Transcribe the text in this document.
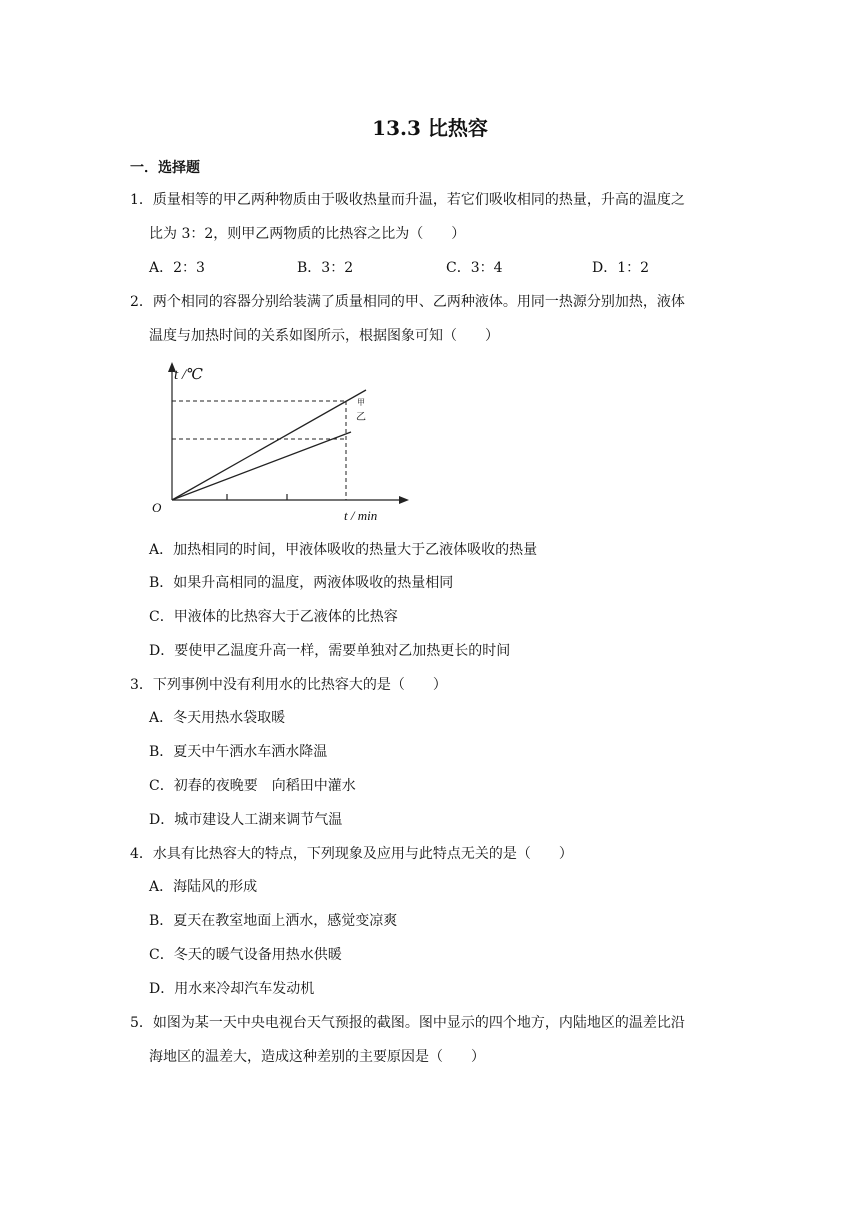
13.3 比热容
一．选择题
1．质量相等的甲乙两种物质由于吸收热量而升温，若它们吸收相同的热量，升高的温度之
比为 3：2，则甲乙两物质的比热容之比为（　　）
A．2：3	B．3：2	C．3：4	D．1：2
2．两个相同的容器分别给装满了质量相同的甲、乙两种液体。用同一热源分别加热，液体
温度与加热时间的关系如图所示，根据图象可知（　　）
t /℃
t / min
O
甲
乙
A．加热相同的时间，甲液体吸收的热量大于乙液体吸收的热量
B．如果升高相同的温度，两液体吸收的热量相同
C．甲液体的比热容大于乙液体的比热容
D．要使甲乙温度升高一样，需要单独对乙加热更长的时间
3．下列事例中没有利用水的比热容大的是（　　）
A．冬天用热水袋取暖
B．夏天中午洒水车洒水降温
C．初春的夜晚要　向稻田中灌水
D．城市建设人工湖来调节气温
4．水具有比热容大的特点，下列现象及应用与此特点无关的是（　　）
A．海陆风的形成
B．夏天在教室地面上洒水，感觉变凉爽
C．冬天的暖气设备用热水供暖
D．用水来冷却汽车发动机
5．如图为某一天中央电视台天气预报的截图。图中显示的四个地方，内陆地区的温差比沿
海地区的温差大，造成这种差别的主要原因是（　　）
